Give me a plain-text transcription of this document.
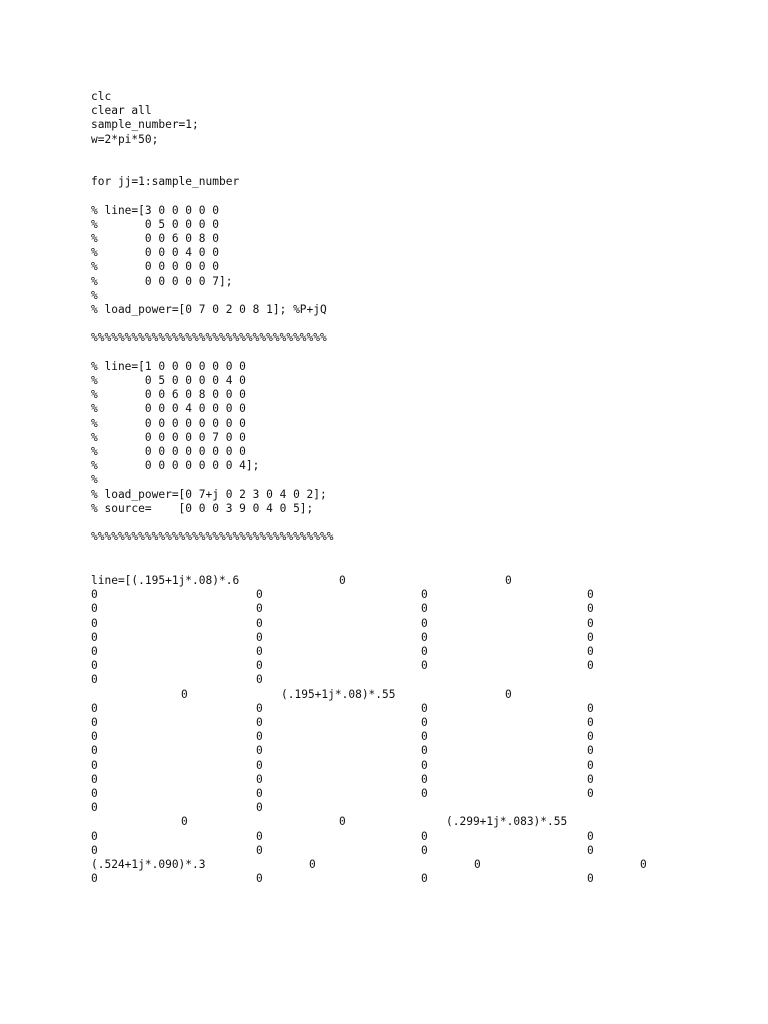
clc
clear all
sample_number=1;
w=2*pi*50;
for jj=1:sample_number
% line=[3 0 0 0 0 0
%       0 5 0 0 0 0
%       0 0 6 0 8 0
%       0 0 0 4 0 0
%       0 0 0 0 0 0
%       0 0 0 0 0 7];
%
% load_power=[0 7 0 2 0 8 1]; %P+jQ
%%%%%%%%%%%%%%%%%%%%%%%%%%%%%%%%%%%
% line=[1 0 0 0 0 0 0 0
%       0 5 0 0 0 0 4 0
%       0 0 6 0 8 0 0 0
%       0 0 0 4 0 0 0 0
%       0 0 0 0 0 0 0 0
%       0 0 0 0 0 7 0 0
%       0 0 0 0 0 0 0 0
%       0 0 0 0 0 0 0 4];
%
% load_power=[0 7+j 0 2 3 0 4 0 2];
% source=    [0 0 0 3 9 0 4 0 5];
%%%%%%%%%%%%%%%%%%%%%%%%%%%%%%%%%%%%
line=[(.195+1j*.08)*.6	0	0
0	0	0	0
0	0	0	0
0	0	0	0
0	0	0	0
0	0	0	0
0	0	0	0
0	0
0	(.195+1j*.08)*.55	0
0	0	0	0
0	0	0	0
0	0	0	0
0	0	0	0
0	0	0	0
0	0	0	0
0	0	0	0
0	0
0	0	(.299+1j*.083)*.55
0	0	0	0
0	0	0	0
(.524+1j*.090)*.3	0	0	0
0	0	0	0
